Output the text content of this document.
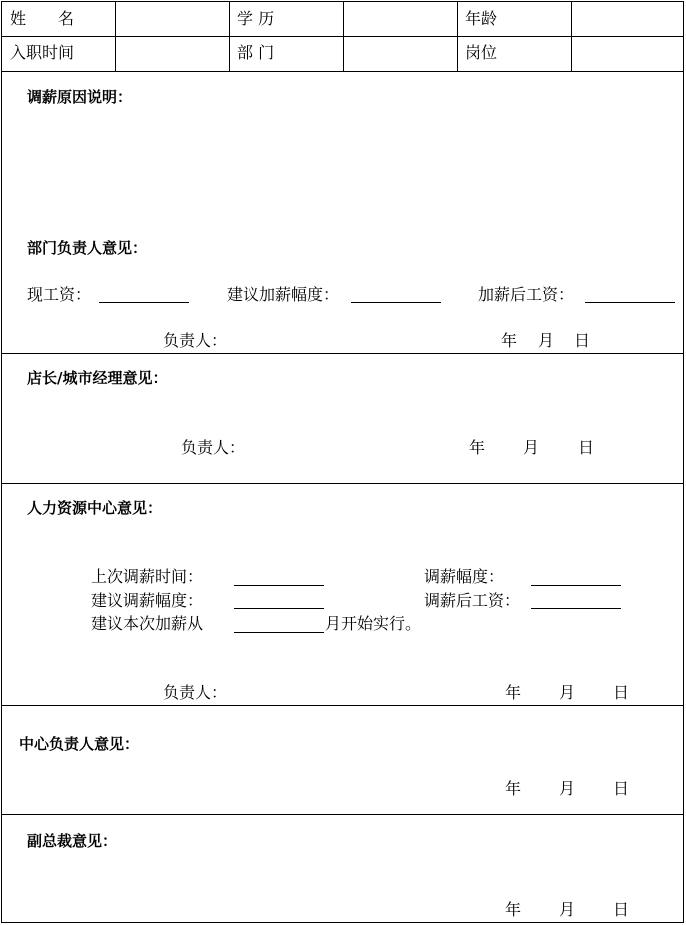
姓　　名	学 历	年龄
入职时间	部 门	岗位
调薪原因说明：
部门负责人意见：
现工资：	建议加薪幅度：	加薪后工资：
负责人：	年 月 日
店长/城市经理意见：
负责人：	年 月 日
人力资源中心意见：
上次调薪时间：	调薪幅度：
建议调薪幅度：	调薪后工资：
建议本次加薪从	月开始实行。
负责人：	年 月 日
中心负责人意见：
年 月 日
副总裁意见：
年 月 日
